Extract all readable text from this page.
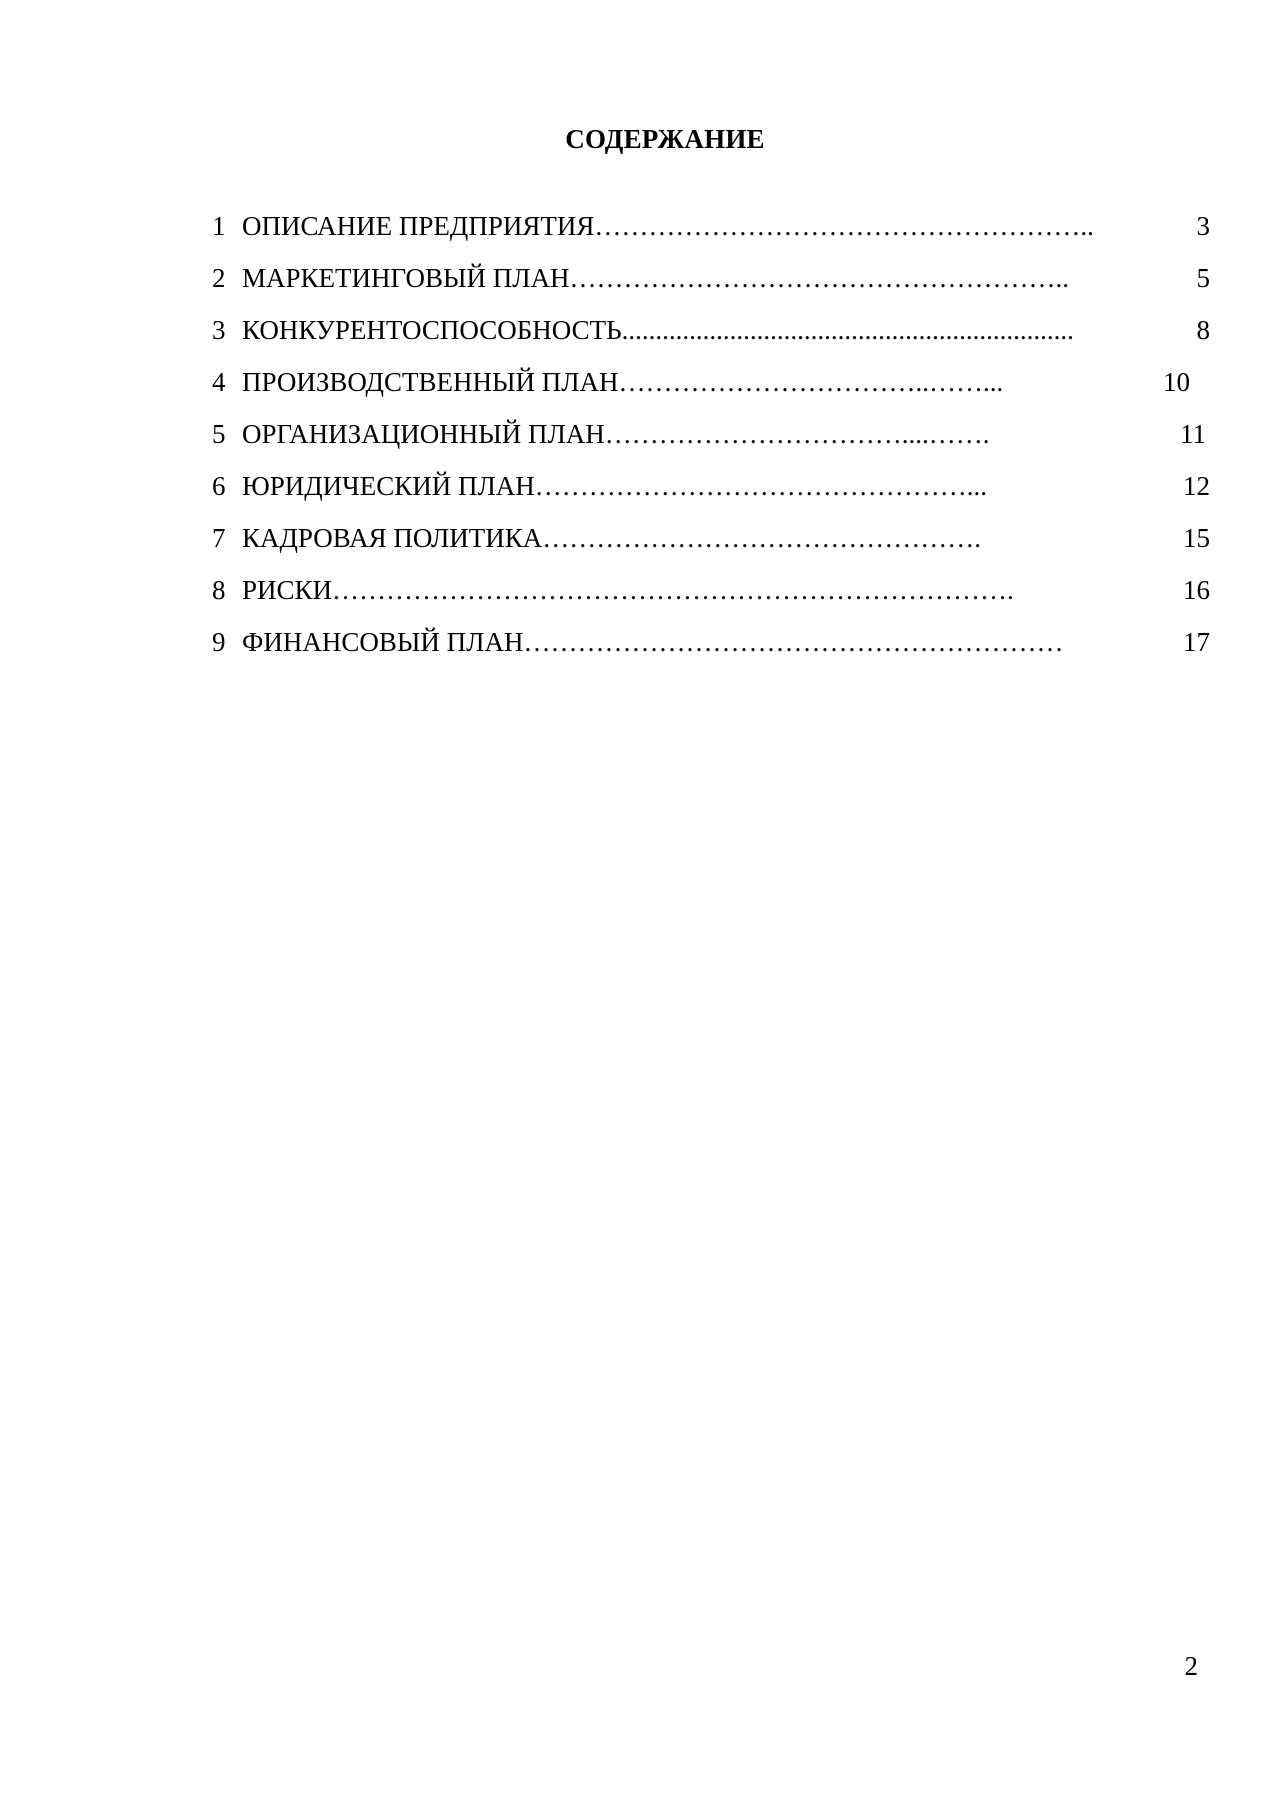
СОДЕРЖАНИЕ
1 ОПИСАНИЕ ПРЕДПРИЯТИЯ………………………………………………..	3
2 МАРКЕТИНГОВЫЙ ПЛАН………………………………………………..	5
3 КОНКУРЕНТОСПОСОБНОСТЬ...................................................................	8
4 ПРОИЗВОДСТВЕННЫЙ ПЛАН……………………………..……...	10
5 ОРГАНИЗАЦИОННЫЙ ПЛАН……………………………....…….	11
6 ЮРИДИЧЕСКИЙ ПЛАН…………………………………………...	12
7 КАДРОВАЯ ПОЛИТИКА………………………………………….	15
8 РИСКИ………………………………………………………………….	16
9 ФИНАНСОВЫЙ ПЛАН……………………………………………………	17
2
